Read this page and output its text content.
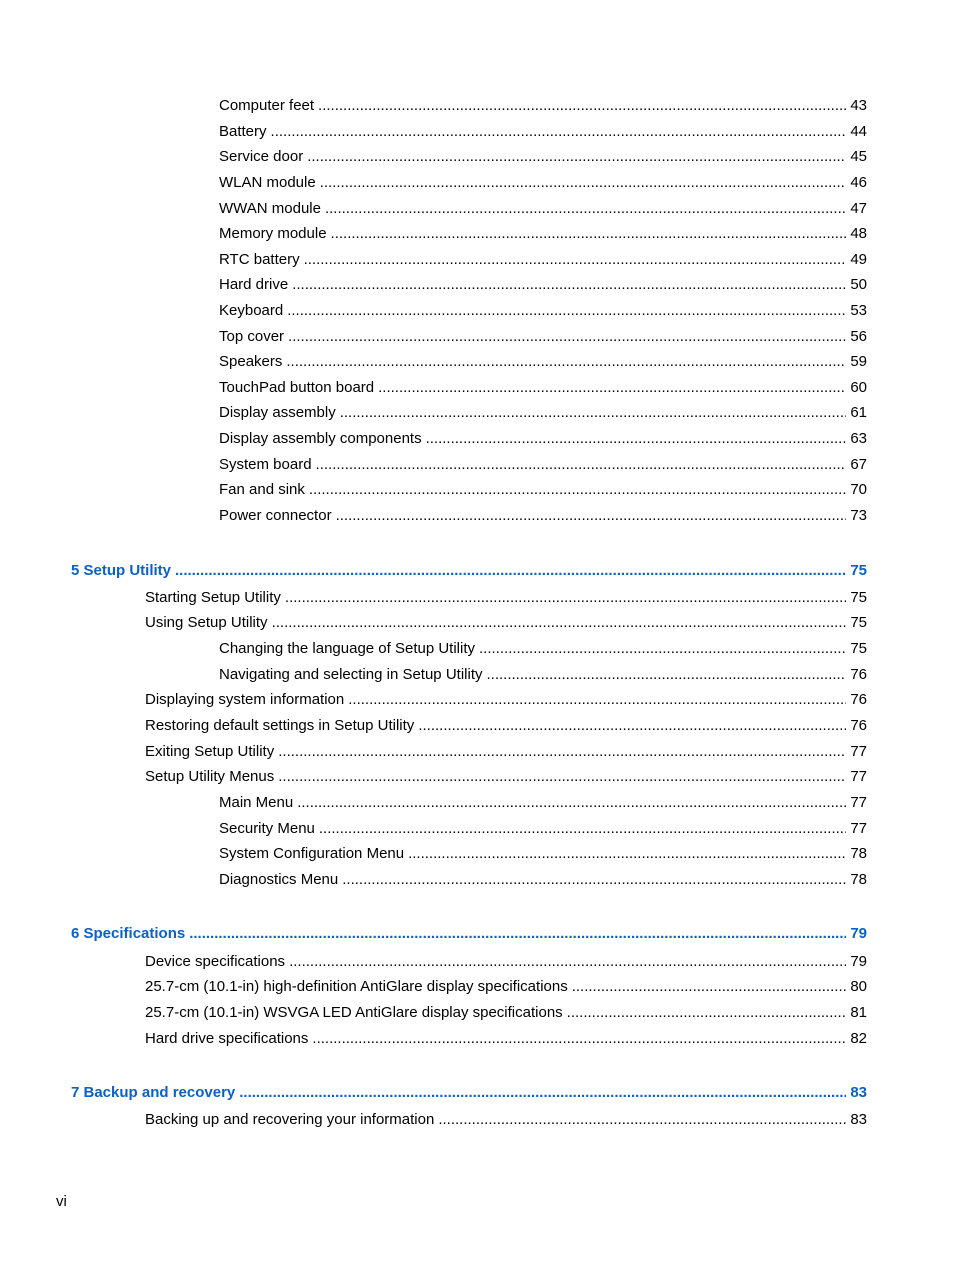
Computer feet .....	43
Battery .....	44
Service door .....	45
WLAN module .....	46
WWAN module .....	47
Memory module .....	48
RTC battery .....	49
Hard drive .....	50
Keyboard .....	53
Top cover .....	56
Speakers .....	59
TouchPad button board .....	60
Display assembly .....	61
Display assembly components .....	63
System board .....	67
Fan and sink .....	70
Power connector .....	73
5 Setup Utility .....	75
Starting Setup Utility .....	75
Using Setup Utility .....	75
Changing the language of Setup Utility .....	75
Navigating and selecting in Setup Utility .....	76
Displaying system information .....	76
Restoring default settings in Setup Utility .....	76
Exiting Setup Utility .....	77
Setup Utility Menus .....	77
Main Menu .....	77
Security Menu .....	77
System Configuration Menu .....	78
Diagnostics Menu .....	78
6 Specifications .....	79
Device specifications .....	79
25.7-cm (10.1-in) high-definition AntiGlare display specifications .....	80
25.7-cm (10.1-in) WSVGA LED AntiGlare display specifications .....	81
Hard drive specifications .....	82
7 Backup and recovery .....	83
Backing up and recovering your information .....	83
vi
